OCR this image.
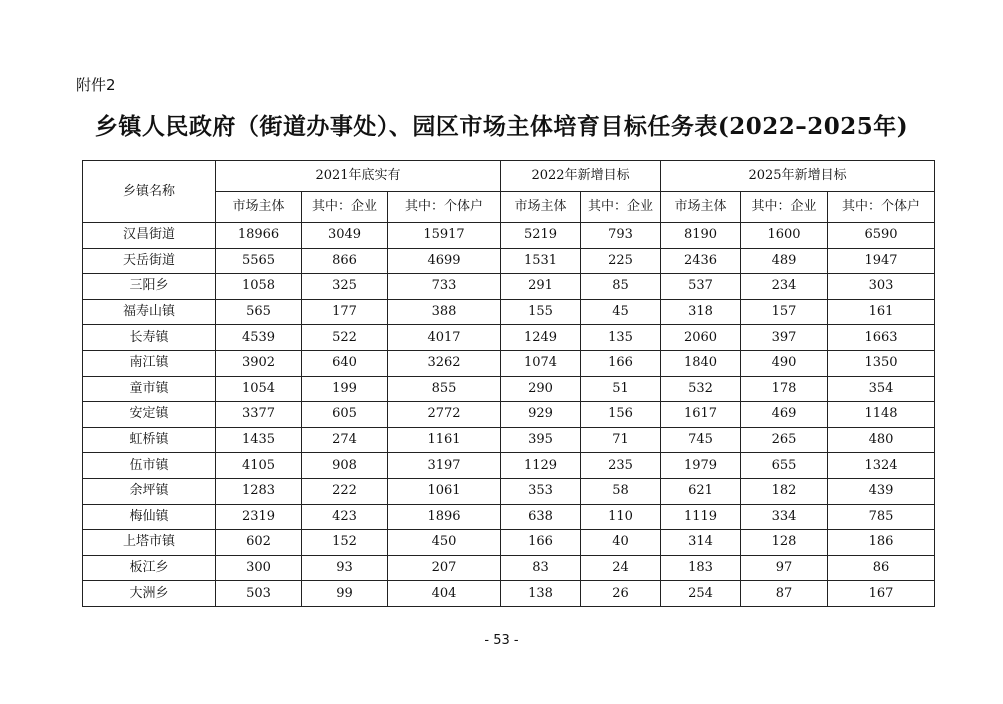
附件2
乡镇人民政府（街道办事处）、园区市场主体培育目标任务表(2022–2025年)
乡镇名称	2021年底实有			2022年新增目标		2025年新增目标		
	市场主体	其中：企业	其中：个体户	市场主体	其中：企业	市场主体	其中：企业	其中：个体户
汉昌街道	18966	3049	15917	5219	793	8190	1600	6590
天岳街道	5565	866	4699	1531	225	2436	489	1947
三阳乡	1058	325	733	291	85	537	234	303
福寿山镇	565	177	388	155	45	318	157	161
长寿镇	4539	522	4017	1249	135	2060	397	1663
南江镇	3902	640	3262	1074	166	1840	490	1350
童市镇	1054	199	855	290	51	532	178	354
安定镇	3377	605	2772	929	156	1617	469	1148
虹桥镇	1435	274	1161	395	71	745	265	480
伍市镇	4105	908	3197	1129	235	1979	655	1324
余坪镇	1283	222	1061	353	58	621	182	439
梅仙镇	2319	423	1896	638	110	1119	334	785
上塔市镇	602	152	450	166	40	314	128	186
板江乡	300	93	207	83	24	183	97	86
大洲乡	503	99	404	138	26	254	87	167
- 53 -
